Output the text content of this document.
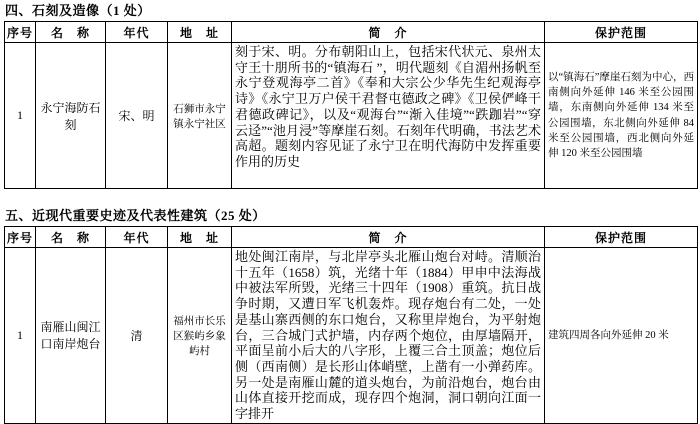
四、石刻及造像（1 处）
序号	名　称	年代	地　址	简　介	保护范围
1	永宁海防石刻	宋、明	石狮市永宁镇永宁社区	刻于宋、明。分布朝阳山上，包括宋代状元、泉州太守王十朋所书的“镇海石 ”，明代题刻《自湄州扬帆至永宁登观海亭二首》《奉和大宗公少华先生纪观海亭诗》《永宁卫万户侯干君督屯德政之碑》《卫侯俨峰干君德政碑记》，以及“观海台”“渐入佳境”“跌跏岩”“穿云迳”“池月浸”等摩崖石刻。石刻年代明确，书法艺术高超。题刻内容见证了永宁卫在明代海防中发挥重要作用的历史	以“镇海石”摩崖石刻为中心，西南侧向外延伸 146 米至公园围墙，东南侧向外延伸 134 米至公园围墙，东北侧向外延伸 84 米至公园围墙，西北侧向外延伸 120 米至公园围墙
五、近现代重要史迹及代表性建筑（25 处）
序号	名　称	年代	地　址	简　介	保护范围
1	南雁山闽江口南岸炮台	清	福州市长乐区猴屿乡象屿村	地处闽江南岸，与北岸亭头北雁山炮台对峙。清顺治十五年（1658）筑，光绪十年（1884）甲申中法海战中被法军所毁，光绪三十四年（1908）重筑。抗日战争时期，又遭日军飞机轰炸。现存炮台有二处，一处是基山寨西侧的东口炮台，又称里岸炮台，为平射炮台，三合城门式护墙，内存两个炮位，由厚墙隔开，平面呈前小后大的八字形，上覆三合土顶盖；炮位后侧（西南侧）是长形山体峭壁，上凿有一小弹药库。另一处是南雁山麓的道头炮台，为前沿炮台，炮台由山体直接开挖而成，现存四个炮洞，洞口朝向江面一字排开	建筑四周各向外延伸 20 米
